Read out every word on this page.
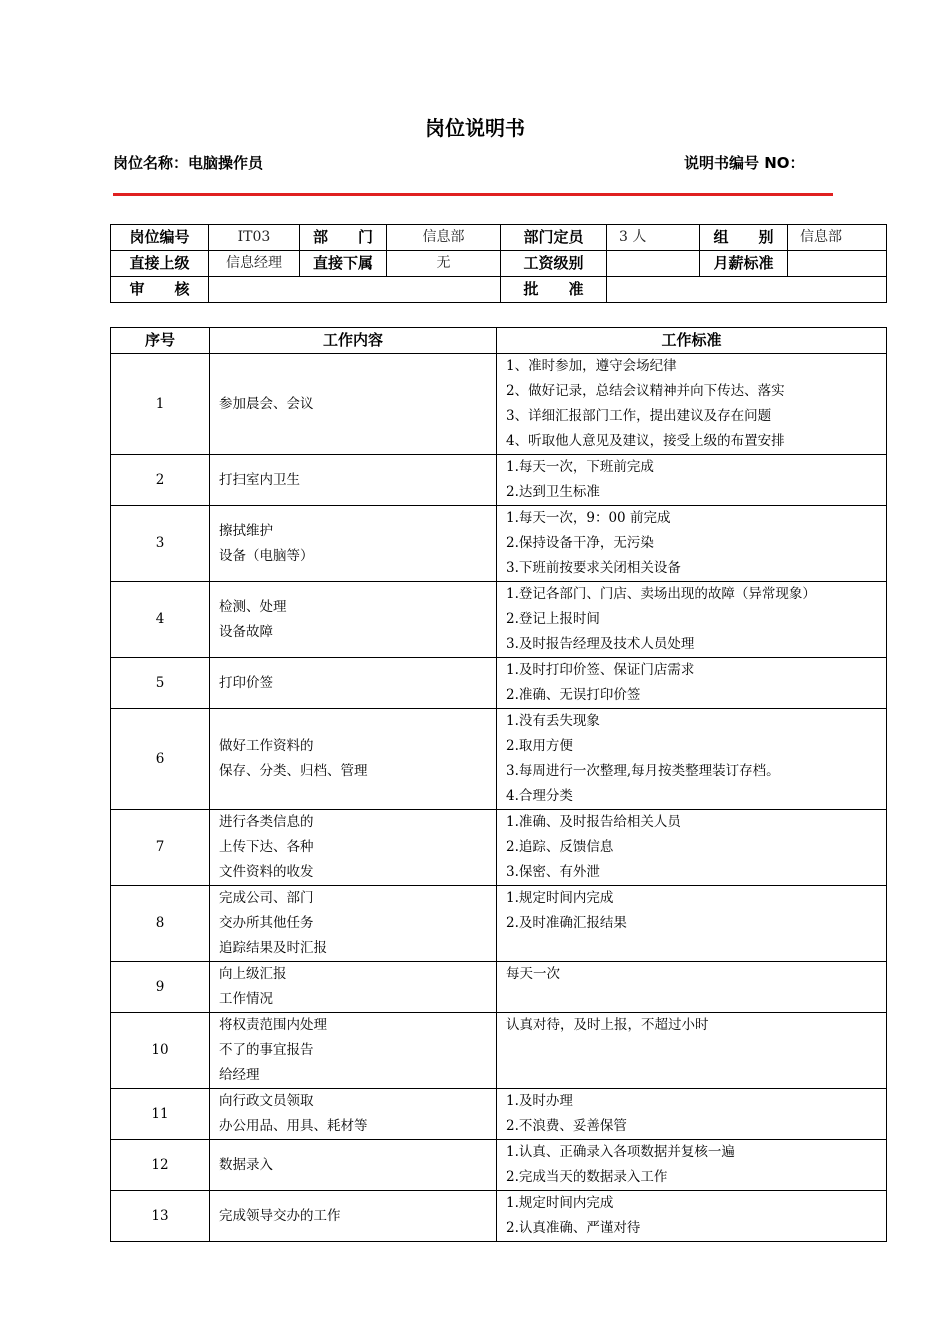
岗位说明书
岗位名称：电脑操作员	说明书编号 NO：
岗位编号	IT03	部　　门	信息部	部门定员	3 人	组　　别	信息部
直接上级	信息经理	直接下属	无	工资级别		月薪标准	
审　　核				批　　准			
序号	工作内容	工作标准
1	参加晨会、会议	1、准时参加，遵守会场纪律
2、做好记录，总结会议精神并向下传达、落实
3、详细汇报部门工作，提出建议及存在问题
4、听取他人意见及建议，接受上级的布置安排

2	打扫室内卫生	1.每天一次，下班前完成
2.达到卫生标准

3	擦拭维护
设备（电脑等）	1.每天一次，9：00 前完成
2.保持设备干净，无污染
3.下班前按要求关闭相关设备

4	检测、处理
设备故障	1.登记各部门、门店、卖场出现的故障（异常现象）
2.登记上报时间
3.及时报告经理及技术人员处理

5	打印价签	1.及时打印价签、保证门店需求
2.准确、无误打印价签

6	做好工作资料的
保存、分类、归档、管理	1.没有丢失现象
2.取用方便
3.每周进行一次整理,每月按类整理装订存档。
4.合理分类

7	进行各类信息的
上传下达、各种
文件资料的收发	1.准确、及时报告给相关人员
2.追踪、反馈信息
3.保密、有外泄

8	完成公司、部门
交办所其他任务
追踪结果及时汇报	1.规定时间内完成
2.及时准确汇报结果

9	向上级汇报
工作情况	每天一次

10	将权责范围内处理
不了的事宜报告
给经理	认真对待，及时上报，不超过小时

11	向行政文员领取
办公用品、用具、耗材等	1.及时办理
2.不浪费、妥善保管

12	数据录入	1.认真、正确录入各项数据并复核一遍
2.完成当天的数据录入工作

13	完成领导交办的工作	1.规定时间内完成
2.认真准确、严谨对待
